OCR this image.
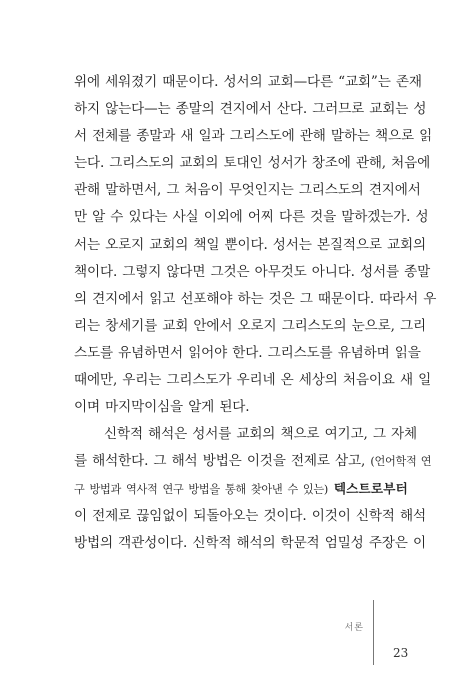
위에 세워졌기 때문이다. 성서의 교회—다른 “교회”는 존재
하지 않는다—는 종말의 견지에서 산다. 그러므로 교회는 성
서 전체를 종말과 새 일과 그리스도에 관해 말하는 책으로 읽
는다. 그리스도의 교회의 토대인 성서가 창조에 관해, 처음에
관해 말하면서, 그 처음이 무엇인지는 그리스도의 견지에서
만 알 수 있다는 사실 이외에 어찌 다른 것을 말하겠는가. 성
서는 오로지 교회의 책일 뿐이다. 성서는 본질적으로 교회의
책이다. 그렇지 않다면 그것은 아무것도 아니다. 성서를 종말
의 견지에서 읽고 선포해야 하는 것은 그 때문이다. 따라서 우
리는 창세기를 교회 안에서 오로지 그리스도의 눈으로, 그리
스도를 유념하면서 읽어야 한다. 그리스도를 유념하며 읽을
때에만, 우리는 그리스도가 우리네 온 세상의 처음이요 새 일
이며 마지막이심을 알게 된다.
신학적 해석은 성서를 교회의 책으로 여기고, 그 자체
를 해석한다. 그 해석 방법은 이것을 전제로 삼고, (언어학적 연
구 방법과 역사적 연구 방법을 통해 찾아낸 수 있는) 텍스트로부터
이 전제로 끊임없이 되돌아오는 것이다. 이것이 신학적 해석
방법의 객관성이다. 신학적 해석의 학문적 엄밀성 주장은 이
서론
23
